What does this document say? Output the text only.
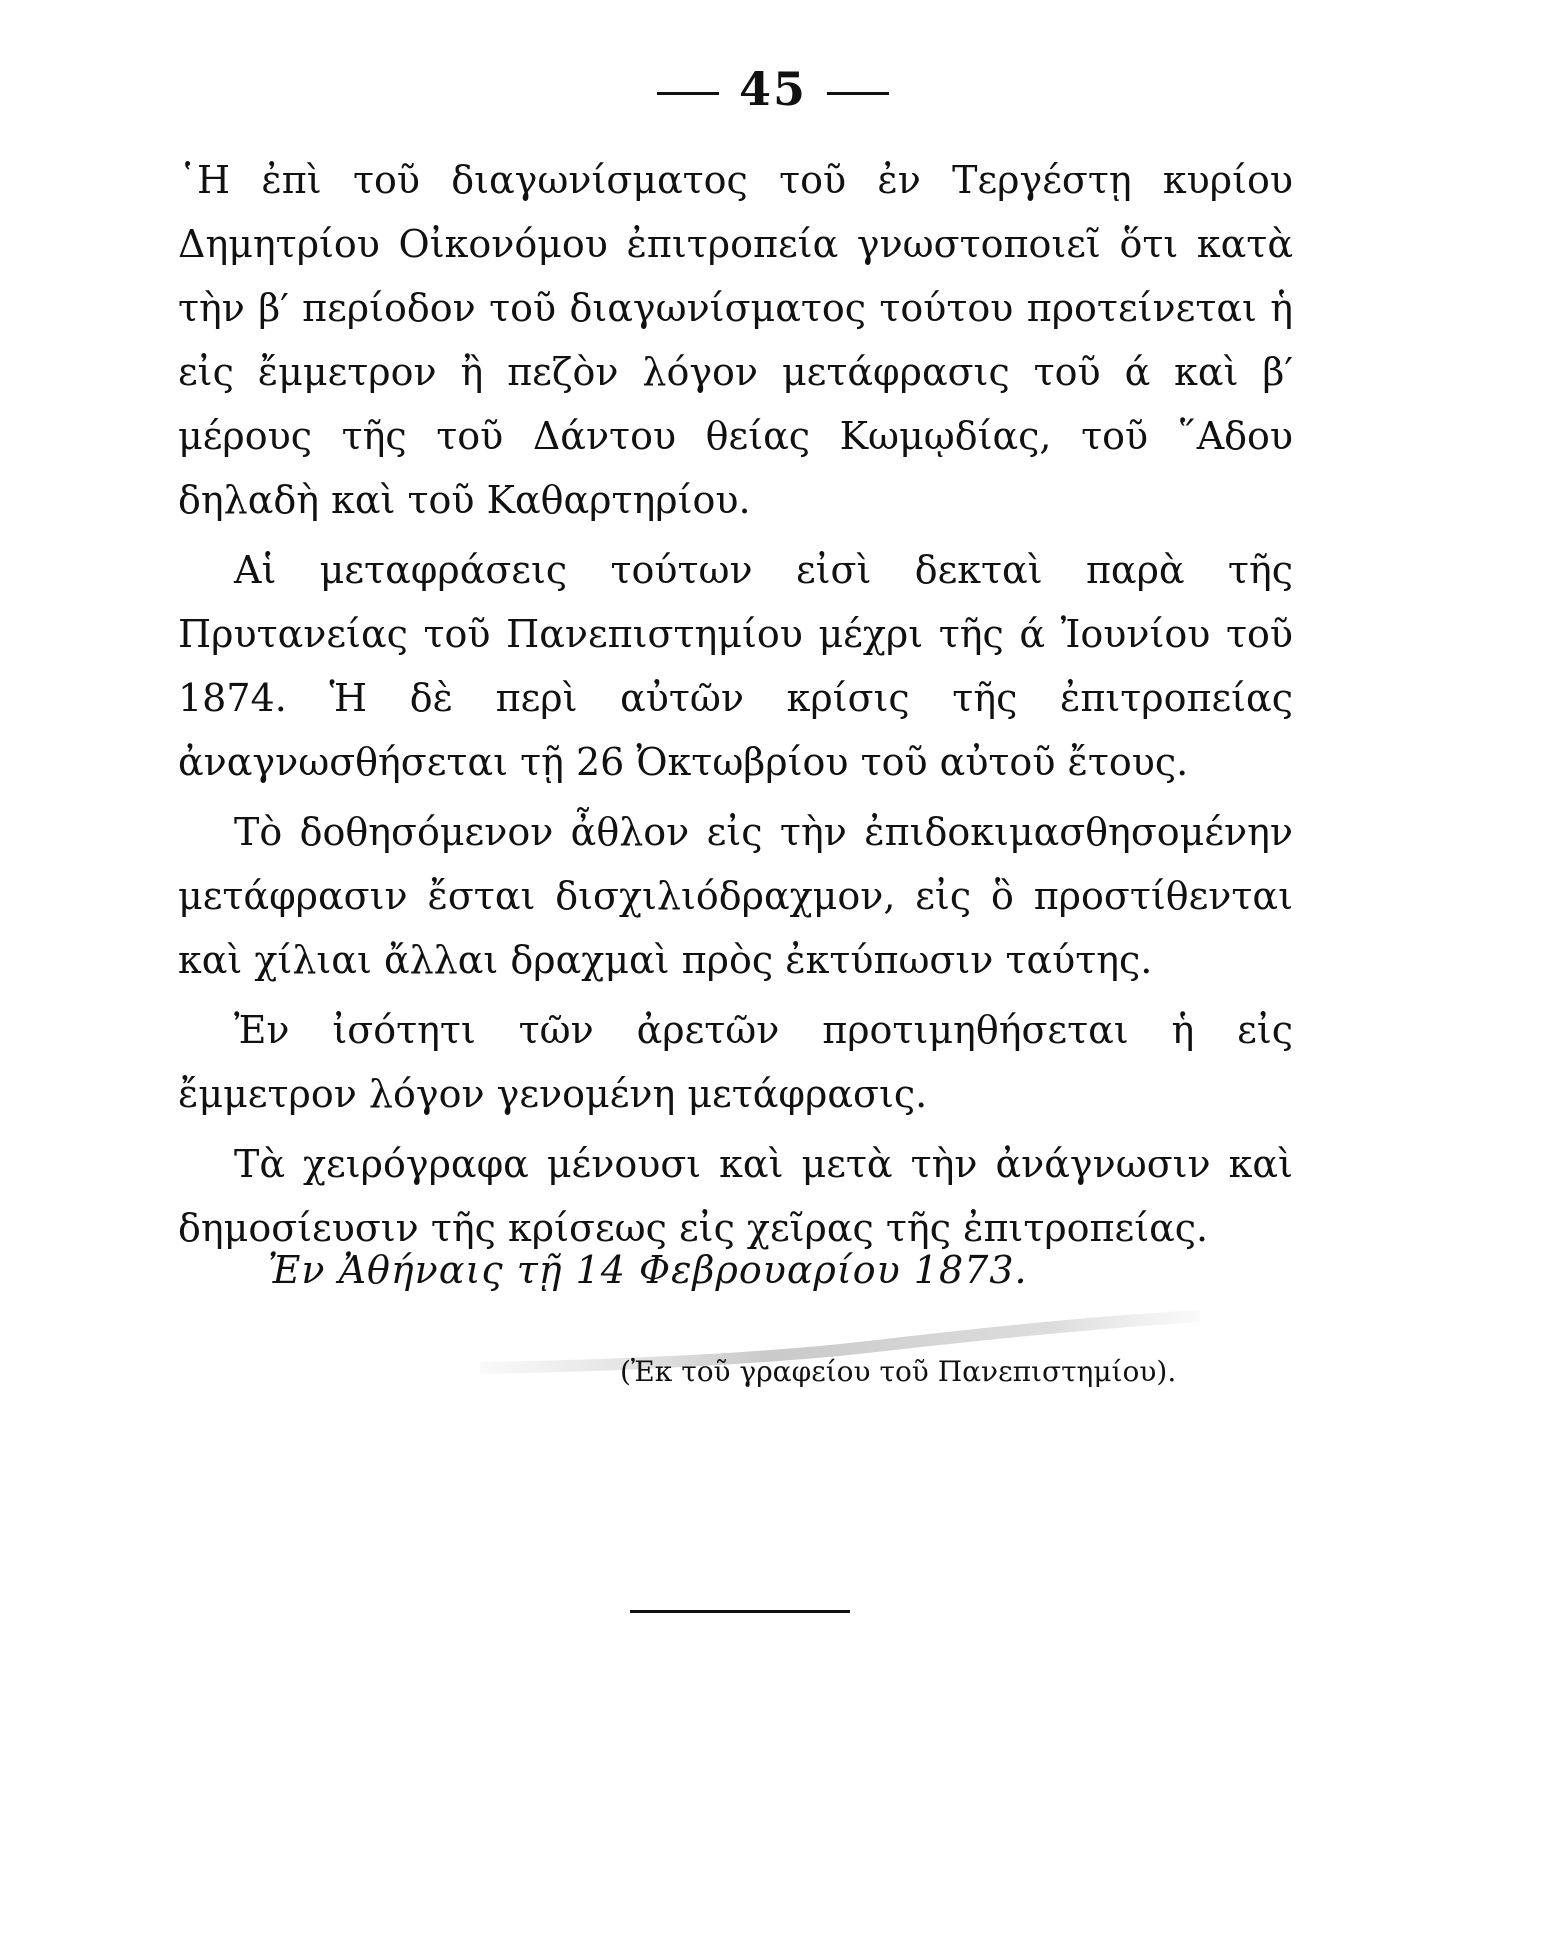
45

῾Η ἐπὶ τοῦ διαγωνίσματος τοῦ ἐν Τεργέστῃ κυρίου Δημητρίου Οἰκονόμου ἐπιτροπεία γνωστοποιεῖ ὅτι κατὰ τὴν β′ περίοδον τοῦ διαγωνίσματος τούτου προτείνεται ἡ εἰς ἔμμετρον ἢ πεζὸν λόγον μετάφρασις τοῦ ά καὶ β′ μέρους τῆς τοῦ Δάντου θείας Κωμῳδίας, τοῦ ῞Αδου δηλαδὴ καὶ τοῦ Καθαρτηρίου.

Αἱ μεταφράσεις τούτων εἰσὶ δεκταὶ παρὰ τῆς Πρυτανείας τοῦ Πανεπιστημίου μέχρι τῆς ά Ἰουνίου τοῦ 1874. Ἡ δὲ περὶ αὐτῶν κρίσις τῆς ἐπιτροπείας ἀναγνωσθήσεται τῇ 26 Ὀκτωβρίου τοῦ αὐτοῦ ἔτους.

Τὸ δοθησόμενον ἆθλον εἰς τὴν ἐπιδοκιμασθησομένην μετάφρασιν ἔσται δισχιλιόδραχμον, εἰς ὃ προστίθενται καὶ χίλιαι ἄλλαι δραχμαὶ πρὸς ἐκτύπωσιν ταύτης.

Ἐν ἰσότητι τῶν ἀρετῶν προτιμηθήσεται ἡ εἰς ἔμμετρον λόγον γενομένη μετάφρασις.

Τὰ χειρόγραφα μένουσι καὶ μετὰ τὴν ἀνάγνωσιν καὶ δημοσίευσιν τῆς κρίσεως εἰς χεῖρας τῆς ἐπιτροπείας.

Ἐν Ἀθήναις τῇ 14 Φεβρουαρίου 1873.
(Ἐκ τοῦ γραφείου τοῦ Πανεπιστημίου).
